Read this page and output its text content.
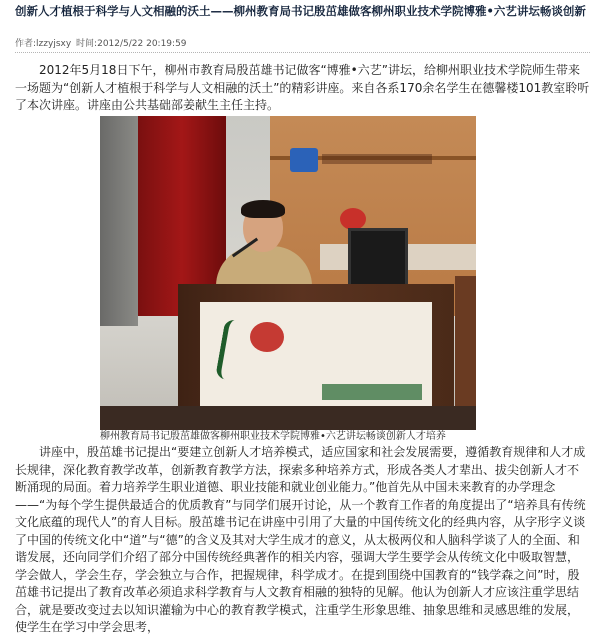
创新人才植根于科学与人文相融的沃土——柳州教育局书记殷茁雄做客柳州职业技术学院博雅•六艺讲坛畅谈创新
作者:lzzyjsxy 时间:2012/5/22 20:19:59

2012年5月18日下午，柳州市教育局殷茁雄书记做客“博雅•六艺”讲坛，给柳州职业技术学院师生带来一场题为“创新人才植根于科学与人文相融的沃土”的精彩讲座。来自各系170余名学生在德馨楼101教室聆听了本次讲座。讲座由公共基础部姜献生主任主持。

柳州教育局书记殷茁雄做客柳州职业技术学院博雅•六艺讲坛畅谈创新人才培养

讲座中，殷茁雄书记提出“要建立创新人才培养模式，适应国家和社会发展需要，遵循教育规律和人才成长规律，深化教育教学改革，创新教育教学方法，探索多种培养方式，形成各类人才辈出、拔尖创新人才不断涌现的局面。着力培养学生职业道德、职业技能和就业创业能力。”他首先从中国未来教育的办学理念——“为每个学生提供最适合的优质教育”与同学们展开讨论，从一个教育工作者的角度提出了“培养具有传统文化底蕴的现代人”的育人目标。殷茁雄书记在讲座中引用了大量的中国传统文化的经典内容，从字形字义谈了中国的传统文化中“道”与“德”的含义及其对大学生成才的意义，从太极两仪和人脑科学谈了人的全面、和谐发展，还向同学们介绍了部分中国传统经典著作的相关内容，强调大学生要学会从传统文化中吸取智慧，学会做人，学会生存，学会独立与合作，把握规律，科学成才。在提到围绕中国教育的“钱学森之问”时，殷茁雄书记提出了教育改革必须追求科学教育与人文教育相融的独特的见解。他认为创新人才应该注重学思结合，就是要改变过去以知识灌输为中心的教育教学模式，注重学生形象思维、抽象思维和灵感思维的发展，使学生在学习中学会思考，
